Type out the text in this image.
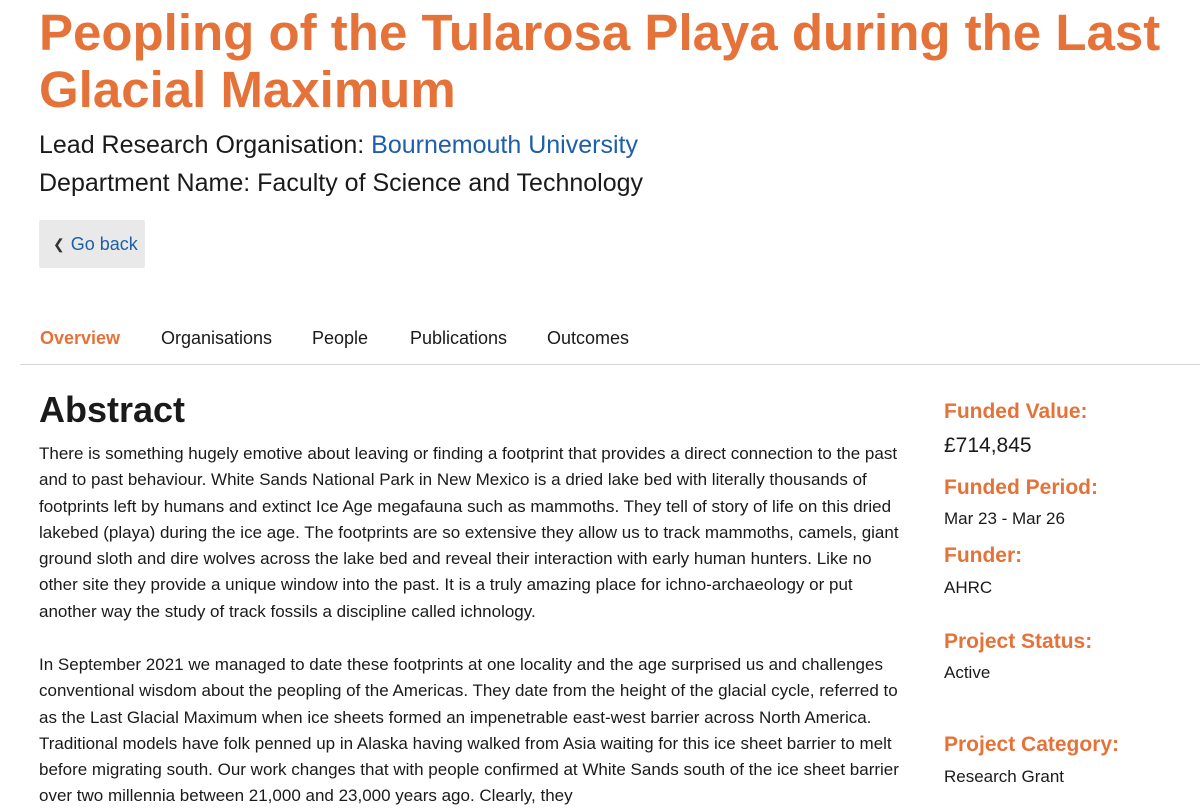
Peopling of the Tularosa Playa during the Last Glacial Maximum
Lead Research Organisation: Bournemouth University
Department Name: Faculty of Science and Technology
❮ Go back
Overview Organisations People Publications Outcomes
Abstract

There is something hugely emotive about leaving or finding a footprint that provides a direct connection to the past and to past behaviour. White Sands National Park in New Mexico is a dried lake bed with literally thousands of footprints left by humans and extinct Ice Age megafauna such as mammoths. They tell of story of life on this dried lakebed (playa) during the ice age. The footprints are so extensive they allow us to track mammoths, camels, giant ground sloth and dire wolves across the lake bed and reveal their interaction with early human hunters. Like no other site they provide a unique window into the past. It is a truly amazing place for ichno-archaeology or put another way the study of track fossils a discipline called ichnology.

In September 2021 we managed to date these footprints at one locality and the age surprised us and challenges conventional wisdom about the peopling of the Americas. They date from the height of the glacial cycle, referred to as the Last Glacial Maximum when ice sheets formed an impenetrable east-west barrier across North America. Traditional models have folk penned up in Alaska having walked from Asia waiting for this ice sheet barrier to melt before migrating south. Our work changes that with people confirmed at White Sands south of the ice sheet barrier over two millennia between 21,000 and 23,000 years ago. Clearly, they

Funded Value:
£714,845
Funded Period:
Mar 23 - Mar 26
Funder:
AHRC
Project Status:
Active
Project Category:
Research Grant
